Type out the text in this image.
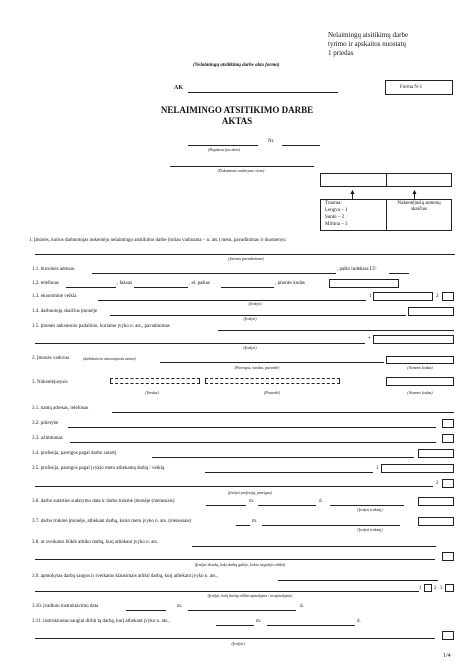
Nelaimingų atsitikimų darbe
tyrimo ir apskaitos nuostatų
1 priedas
(Nelaimingų atsitikimų darbe akto forma)
AK	Forma N-1
NELAIMINGO ATSITIKIMO DARBE
AKTAS
Nr.
(Registracijos data)
(Dokumento sudarymo vieta)
▲	▲
Trauma:
Lengva – 1
Sunki – 2
Mirtina – 3
Nukentėjusių asmenų skaičius
1. Įmonės, kurios darbuotojas nukentėjo nelaimingo atsitikimo darbe (toliau vadinama – n. ats.) metu, pavadinimas ir duomenys:
(Įmonės pavadinimas)
1.1. buveinės adresas	, pašto indeksas LT-
1.2. telefonas	, faksas	, el. paštas	, įmonės kodas
1.3. ekonominė veikla	1	2
(Įrašyti)
1.4. darbuotojų skaičius įmonėje
(Įrašyti)
1.5. įmonės ankstesnio padalinio, kuriame įvyko n. ats., pavadinimas
*
(Įrašyti)
2. Įmonės vadovas	(darbdavio/ar atstovaujantis asmuo)
(Pareigos, vardas, pavardė)	(Asmens kodas)
3. Nukentėjusysis
(Vardas)	(Pavardė)	(Asmens kodas)
3.1. namų adresas, telefonas
3.2. pilietybė
3.3. užimtumas
3.4. profesija, pareigos pagal darbo sutartį
3.5. profesija, pareigos pagal įvykio metu atliekamą darbą / veiklą	1
(Įrašyti profesiją, pareigas)
2
3.6. darbo sutarties sudarymo data ir darbo trukmė įmonėje (mėnesiais)	m.	d.
(Įrašyti trukmę)
3.7. darbo trukmė įmonėje, atliekant darbą, kurio metu įvyko n. ats. (mėnesiais)	m.
(Įrašyti trukmę)
3.8. ar sveikatos būklė atitiko darbą, kurį atliekant įvyko n. ats.
(Įrašyti išvadą, kokį darbą galėjo, kokio negalėjo atlikti)
3.9. apmokytas darbų saugos ir sveikatos klausimais atlikti darbą, kurį atliekant įvyko n. ats.,
1	2 3
(Įrašyti, kokį darbą atlikti apmokytas / neapmokytas)
3.10. įvadinio instruktavimo data	m.	d.
3.11. instruktuotas saugiai dirbti tą darbą, kurį atliekant įvyko n. ats.,	m.	d.
(Įrašyti)
1/4
